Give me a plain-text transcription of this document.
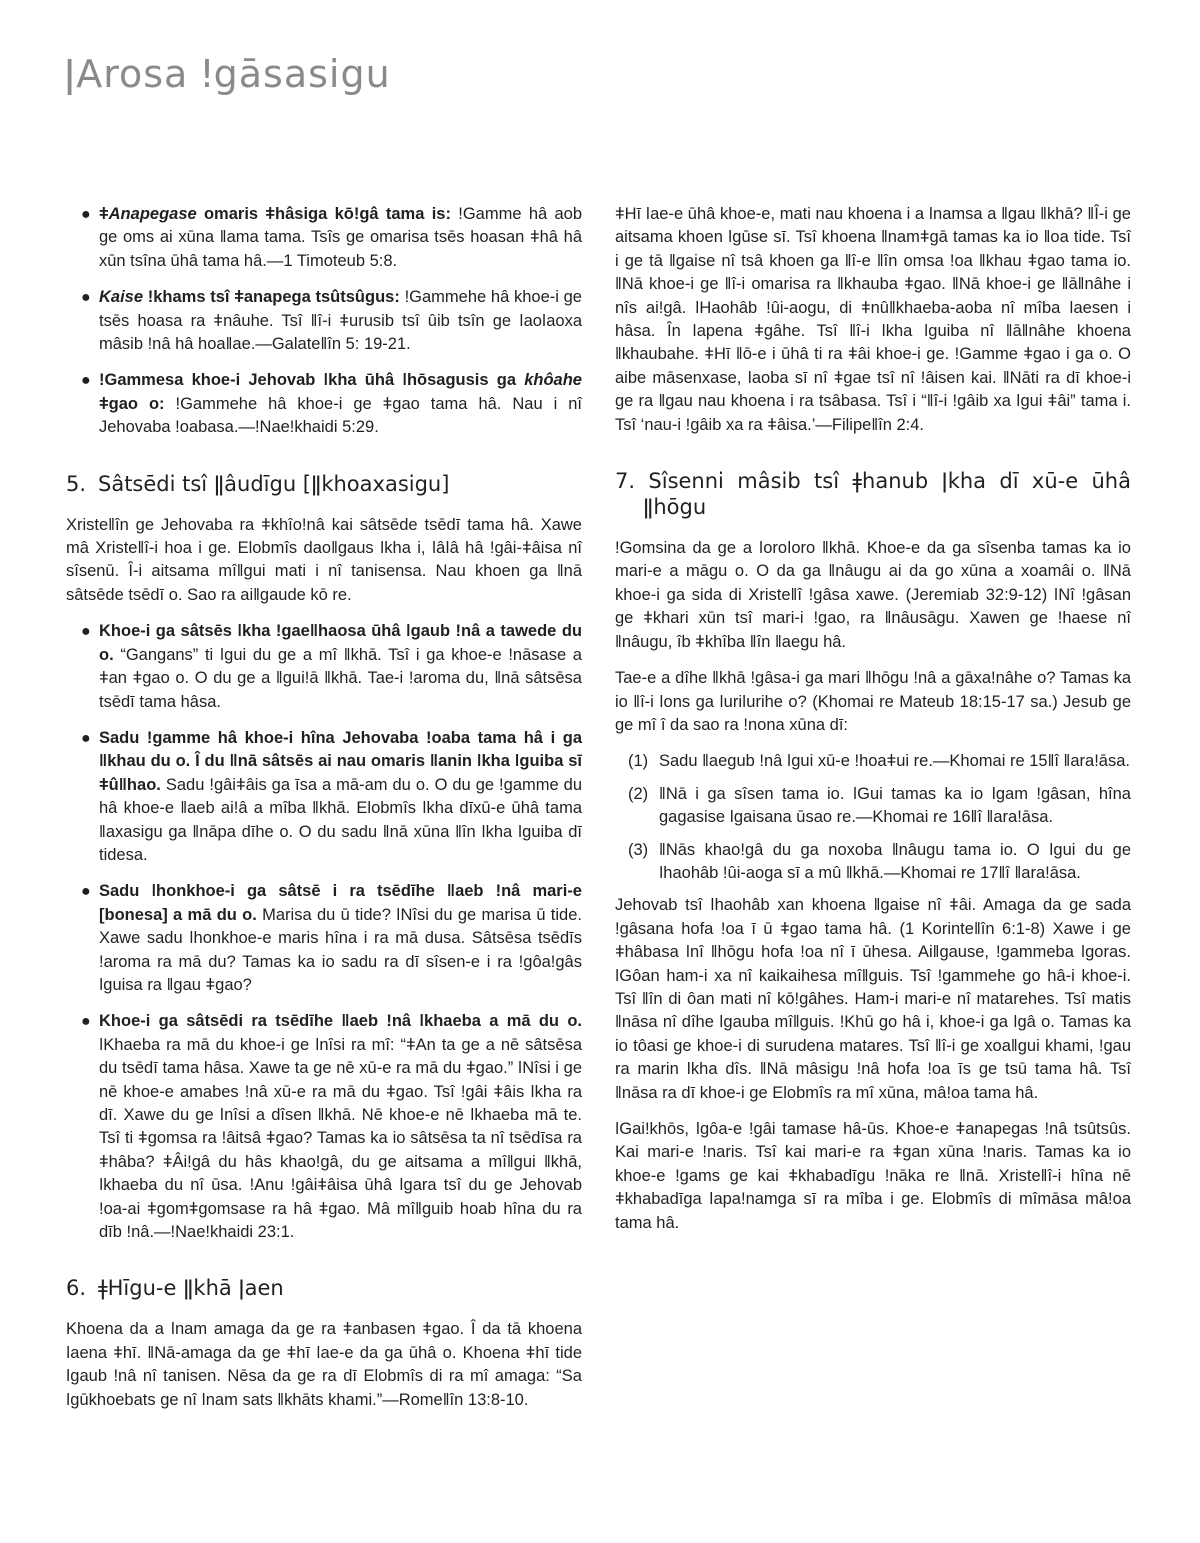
ǀArosa ǃgāsasigu
● ǂAnapegase omaris ǂhâsiga kōǃgâ tama is: ǃGamme hâ aob ge oms ai xūna ǁama tama. Tsîs ge omarisa tsēs hoasan ǂhâ hâ xūn tsîna ūhâ tama hâ.—1 Timoteub 5:8.
● Kaise ǃkhams tsî ǂanapega tsûtsûgus: ǃGammehe hâ khoe-i ge tsēs hoasa ra ǂnâuhe. Tsî ǁî-i ǂurusib tsî ûib tsîn ge ǀaoǀaoxa mâsib ǃnâ hâ hoaǁae.—Galateǁîn 5: 19-21.
● ǃGammesa khoe-i Jehovab ǀkha ūhâ ǀhōsagusis ga khôahe ǂgao o: ǃGammehe hâ khoe-i ge ǂgao tama hâ. Nau i nî Jehovaba ǃoabasa.—ǃNaeǃkhaidi 5:29.
5. Sâtsēdi tsî ǁâudīgu [ǁkhoaxasigu]

Xristeǁîn ge Jehovaba ra ǂkhîoǃnâ kai sâtsēde tsēdī tama hâ. Xawe mâ Xristeǁî-i hoa i ge. Elobmîs daoǁgaus ǀkha i, ǀâǀâ hâ ǃgâi-ǂâisa nî sîsenū. Î-i aitsama mîǁgui mati i nî tanisensa. Nau khoen ga ǁnā sâtsēde tsēdī o. Sao ra aiǁgaude kō re.

● Khoe-i ga sâtsēs ǀkha ǃgaeǁhaosa ūhâ ǀgaub ǃnâ a tawede du o. “Gangans” ti ǀgui du ge a mî ǁkhā. Tsî i ga khoe-e ǃnāsase a ǂan ǂgao o. O du ge a ǁguiǃā ǁkhā. Tae-i ǃaroma du, ǁnā sâtsēsa tsēdī tama hâsa.
● Sadu ǃgamme hâ khoe-i hîna Jehovaba ǃoaba tama hâ i ga ǁkhau du o. Î du ǁnā sâtsēs ai nau omaris ǁanin ǀkha ǀguiba sī ǂûǁhao. Sadu ǃgâiǂâis ga īsa a mā-am du o. O du ge ǃgamme du hâ khoe-e ǁaeb aiǃâ a mîba ǁkhā. Elobmîs ǀkha dīxū-e ūhâ tama ǁaxasigu ga ǁnāpa dīhe o. O du sadu ǁnā xūna ǁîn ǀkha ǀguiba dī tidesa.
● Sadu ǀhonkhoe-i ga sâtsē i ra tsēdīhe ǁaeb ǃnâ mari-e [bonesa] a mā du o. Marisa du ū tide? ǀNîsi du ge marisa ū tide. Xawe sadu ǀhonkhoe-e maris hîna i ra mā dusa. Sâtsēsa tsēdīs ǃaroma ra mā du? Tamas ka io sadu ra dī sîsen-e i ra ǃgôaǃgâs ǀguisa ra ǁgau ǂgao?
● Khoe-i ga sâtsēdi ra tsēdīhe ǁaeb ǃnâ ǀkhaeba a mā du o. ǀKhaeba ra mā du khoe-i ge ǀnîsi ra mî: “ǂAn ta ge a nē sâtsēsa du tsēdī tama hâsa. Xawe ta ge nē xū-e ra mā du ǂgao.” ǀNîsi i ge nē khoe-e amabes ǃnâ xū-e ra mā du ǂgao. Tsî ǃgâi ǂâis ǀkha ra dī. Xawe du ge ǀnîsi a dîsen ǁkhā. Nē khoe-e nē ǀkhaeba mā te. Tsî ti ǂgomsa ra ǃâitsâ ǂgao? Tamas ka io sâtsēsa ta nî tsēdīsa ra ǂhâba? ǂÂiǃgâ du hâs khaoǃgâ, du ge aitsama a mîǁgui ǁkhā, ǀkhaeba du nî ūsa. ǃAnu ǃgâiǂâisa ūhâ ǀgara tsî du ge Jehovab ǃoa-ai ǂgomǂgomsase ra hâ ǂgao. Mâ mîǁguib hoab hîna du ra dīb ǃnâ.—ǃNaeǃkhaidi 23:1.
6. ǂHīgu-e ǁkhā ǀaen

Khoena da a ǀnam amaga da ge ra ǂanbasen ǂgao. Î da tā khoena ǀaena ǂhī. ǁNā-amaga da ge ǂhī ǀae-e da ga ūhâ o. Khoena ǂhī tide ǀgaub ǃnâ nî tanisen. Nēsa da ge ra dī Elobmîs di ra mî amaga: “Sa ǀgūkhoebats ge nî ǀnam sats ǁkhāts khami.”—Romeǁîn 13:8-10.

ǂHī ǀae-e ūhâ khoe-e, mati nau khoena i a ǀnamsa a ǁgau ǁkhā? ǁÎ-i ge aitsama khoen ǀgūse sī. Tsî khoena ǁnamǂgā tamas ka io ǁoa tide. Tsî i ge tā ǁgaise nî tsâ khoen ga ǁî-e ǁîn omsa ǃoa ǁkhau ǂgao tama io. ǁNā khoe-i ge ǁî-i omarisa ra ǁkhauba ǂgao. ǁNā khoe-i ge ǁāǁnâhe i nîs aiǃgâ. ǀHaohâb ǃûi-aogu, di ǂnûǁkhaeba-aoba nî mîba ǀaesen i hâsa. În ǀapena ǂgâhe. Tsî ǁî-i ǀkha ǀguiba nî ǁāǁnâhe khoena ǁkhaubahe. ǂHī ǁō-e i ūhâ ti ra ǂâi khoe-i ge. ǃGamme ǂgao i ga o. O aibe māsenxase, ǀaoba sī nî ǂgae tsî nî ǃâisen kai. ǁNāti ra dī khoe-i ge ra ǁgau nau khoena i ra tsâbasa. Tsî i “ǁî-i ǃgâib xa ǀgui ǂâi” tama i. Tsî ‘nau-i ǃgâib xa ra ǂâisa.’—Filipeǁîn 2:4.

7. Sîsenni mâsib tsî ǂhanub ǀkha dī xū-e ūhâ ǁhōgu

ǃGomsina da ge a ǀoroǀoro ǁkhā. Khoe-e da ga sîsenba tamas ka io mari-e a māgu o. O da ga ǁnâugu ai da go xūna a xoamâi o. ǁNā khoe-i ga sida di Xristeǁî ǃgâsa xawe. (Jeremiab 32:9-12) ǀNî ǃgâsan ge ǂkhari xūn tsî mari-i ǃgao, ra ǁnâusāgu. Xawen ge ǃhaese nî ǁnâugu, îb ǂkhîba ǁîn ǁaegu hâ.

Tae-e a dîhe ǁkhā ǃgâsa-i ga mari ǁhōgu ǃnâ a gāxaǃnâhe o? Tamas ka io ǁî-i ǀons ga ǀuriǀurihe o? (Khomai re Mateub 18:15-17 sa.) Jesub ge ge mî î da sao ra ǃnona xūna dī:

(1) Sadu ǁaegub ǃnâ ǀgui xū-e ǃhoaǂui re.—Khomai re 15ǁî ǁaraǃāsa.
(2) ǁNā i ga sîsen tama io. ǀGui tamas ka io ǀgam ǃgâsan, hîna gagasise ǀgaisana ūsao re.—Khomai re 16ǁî ǁaraǃāsa.
(3) ǁNās khaoǃgâ du ga noxoba ǁnâugu tama io. O ǀgui du ge ǀhaohâb ǃûi-aoga sī a mû ǁkhā.—Khomai re 17ǁî ǁaraǃāsa.

Jehovab tsî ǀhaohâb xan khoena ǁgaise nî ǂâi. Amaga da ge sada ǃgâsana hofa ǃoa ī ū ǂgao tama hâ. (1 Korinteǁîn 6:1-8) Xawe i ge ǂhâbasa ǀnî ǁhōgu hofa ǃoa nî ī ūhesa. Aiǁgause, ǃgammeba ǀgoras. ǀGôan ham-i xa nî kaikaihesa mîǁguis. Tsî ǃgammehe go hâ-i khoe-i. Tsî ǁîn di ôan mati nî kōǃgâhes. Ham-i mari-e nî matarehes. Tsî matis ǁnāsa nî dîhe ǀgauba mîǁguis. ǃKhū go hâ i, khoe-i ga ǀgâ o. Tamas ka io tôasi ge khoe-i di surudena matares. Tsî ǁî-i ge xoaǁgui khami, ǃgau ra marin ǀkha dîs. ǁNā mâsigu ǃnâ hofa ǃoa īs ge tsū tama hâ. Tsî ǁnāsa ra dī khoe-i ge Elobmîs ra mî xūna, mâǃoa tama hâ.

ǀGaiǃkhōs, ǀgôa-e ǃgâi tamase hâ-ūs. Khoe-e ǂanapegas ǃnâ tsûtsûs. Kai mari-e ǃnaris. Tsî kai mari-e ra ǂgan xūna ǃnaris. Tamas ka io khoe-e ǃgams ge kai ǂkhabadīgu ǃnāka re ǁnā. Xristeǁî-i hîna nē ǂkhabadīga ǀapaǃnamga sī ra mîba i ge. Elobmîs di mîmāsa mâǃoa tama hâ.
